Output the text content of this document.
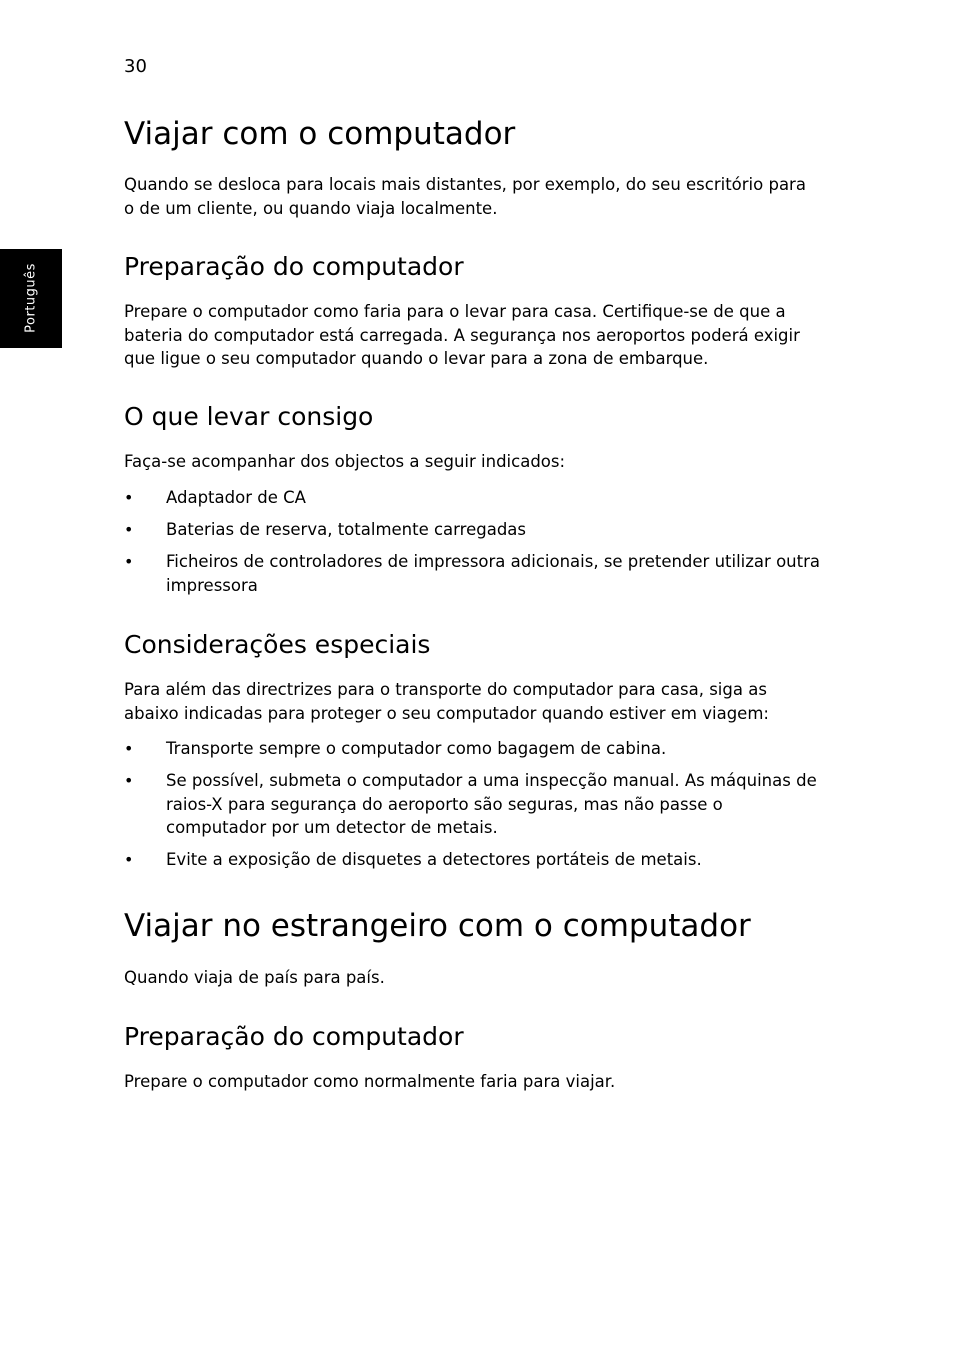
30
Português
Viajar com o computador

Quando se desloca para locais mais distantes, por exemplo, do seu escritório para o de um cliente, ou quando viaja localmente.

Preparação do computador

Prepare o computador como faria para o levar para casa. Certifique-se de que a bateria do computador está carregada. A segurança nos aeroportos poderá exigir que ligue o seu computador quando o levar para a zona de embarque.

O que levar consigo

Faça-se acompanhar dos objectos a seguir indicados:

• Adaptador de CA
• Baterias de reserva, totalmente carregadas
• Ficheiros de controladores de impressora adicionais, se pretender utilizar outra impressora
Considerações especiais

Para além das directrizes para o transporte do computador para casa, siga as abaixo indicadas para proteger o seu computador quando estiver em viagem:

• Transporte sempre o computador como bagagem de cabina.
• Se possível, submeta o computador a uma inspecção manual. As máquinas de raios-X para segurança do aeroporto são seguras, mas não passe o computador por um detector de metais.
• Evite a exposição de disquetes a detectores portáteis de metais.
Viajar no estrangeiro com o computador

Quando viaja de país para país.

Preparação do computador

Prepare o computador como normalmente faria para viajar.
